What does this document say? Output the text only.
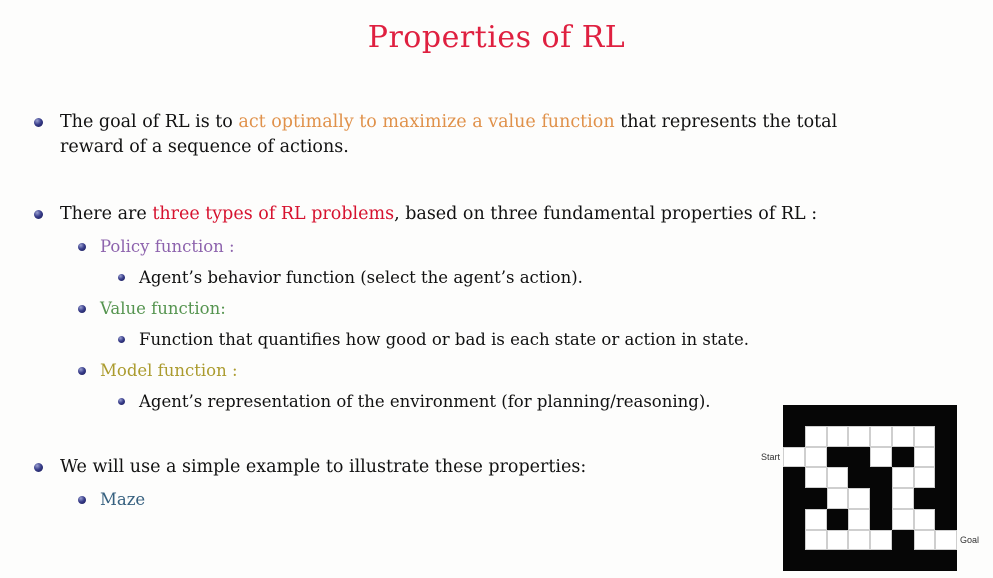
Properties of RL
The goal of RL is to act optimally to maximize a value function that represents the total reward of a sequence of actions.
There are three types of RL problems, based on three fundamental properties of RL :
Policy function :
Agent’s behavior function (select the agent’s action).
Value function:
Function that quantifies how good or bad is each state or action in state.
Model function :
Agent’s representation of the environment (for planning/reasoning).
We will use a simple example to illustrate these properties:
Maze
Start
Goal
